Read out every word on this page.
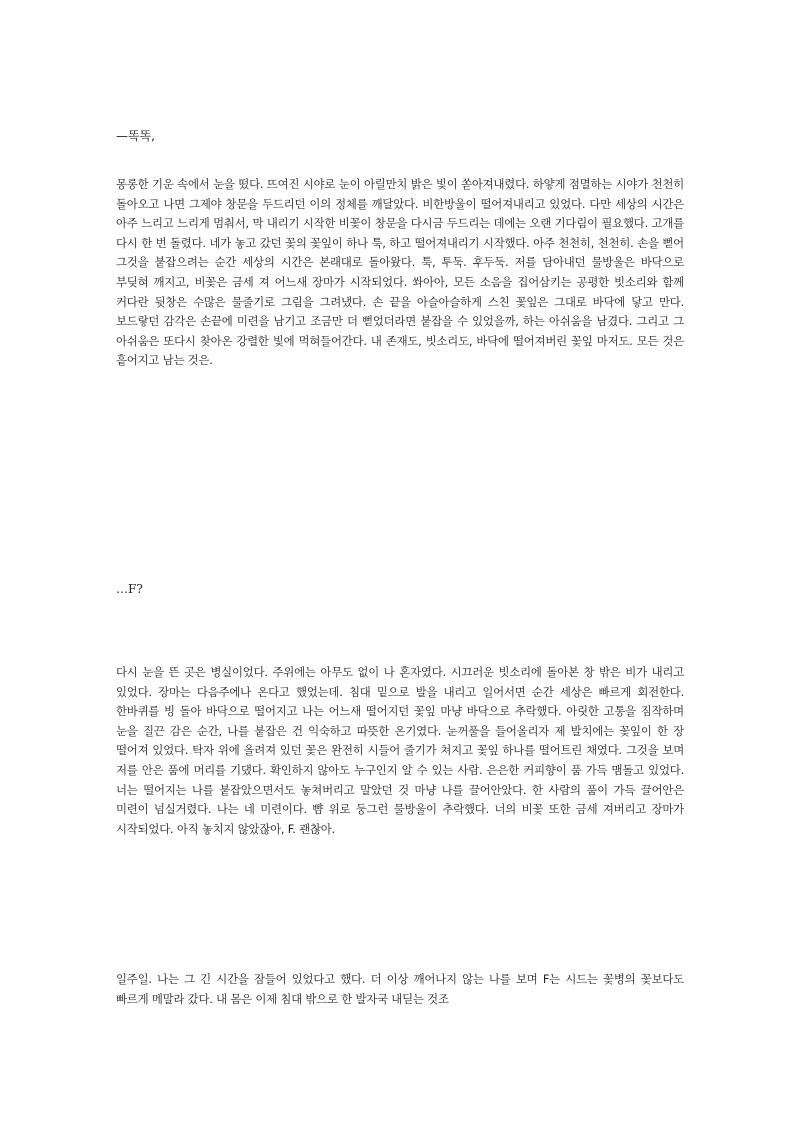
—똑똑,

몽롱한 기운 속에서 눈을 떴다. 뜨여진 시야로 눈이 아릴만치 밝은 빛이 쏟아져내렸다. 하얗게 점멸하는 시야가 천천히 돌아오고 나면 그제야 창문을 두드리던 이의 정체를 깨달았다. 비한방울이 떨어져내리고 있었다. 다만 세상의 시간은 아주 느리고 느리게 멈춰서, 막 내리기 시작한 비꽃이 창문을 다시금 두드리는 데에는 오랜 기다림이 필요했다. 고개를 다시 한 번 돌렸다. 네가 놓고 갔던 꽃의 꽃잎이 하나 툭, 하고 떨어져내리기 시작했다. 아주 천천히, 천천히. 손을 뻗어 그것을 붙잡으려는 순간 세상의 시간은 본래대로 돌아왔다. 툭, 투둑. 후두둑. 저를 담아내던 물방울은 바닥으로 부딪혀 깨지고, 비꽃은 금세 져 어느새 장마가 시작되었다. 쏴아아, 모든 소음을 집어삼키는 공평한 빗소리와 함께 커다란 뒷창은 수많은 물줄기로 그림을 그려냈다. 손 끝을 아슬아슬하게 스친 꽃잎은 그대로 바닥에 닿고 만다. 보드랗던 감각은 손끝에 미련을 남기고 조금만 더 뻗었더라면 붙잡을 수 있었을까, 하는 아쉬움을 남겼다. 그리고 그 아쉬움은 또다시 찾아온 강렬한 빛에 먹혀들어간다. 내 존재도, 빗소리도, 바닥에 떨어져버린 꽃잎 마저도. 모든 것은 흩어지고 남는 것은.

…F?

다시 눈을 뜬 곳은 병실이었다. 주위에는 아무도 없이 나 혼자였다. 시끄러운 빗소리에 돌아본 창 밖은 비가 내리고 있었다. 장마는 다음주에나 온다고 했었는데. 침대 밑으로 발을 내리고 일어서면 순간 세상은 빠르게 회전한다. 한바퀴를 빙 돌아 바닥으로 떨어지고 나는 어느새 떨어지던 꽃잎 마냥 바닥으로 추락했다. 아릿한 고통을 짐작하며 눈을 질끈 감은 순간, 나를 붙잡은 건 익숙하고 따뜻한 온기였다. 눈꺼풀을 들어올리자 제 발치에는 꽃잎이 한 장 떨어져 있었다. 탁자 위에 올려져 있던 꽃은 완전히 시들어 줄기가 쳐지고 꽃잎 하나를 떨어트린 채였다. 그것을 보며 저를 안은 품에 머리를 기댔다. 확인하지 않아도 누구인지 알 수 있는 사람. 은은한 커피향이 품 가득 맴돌고 있었다. 너는 떨어지는 나를 붙잡았으면서도 놓쳐버리고 말았던 것 마냥 나를 끌어안았다. 한 사람의 품이 가득 끌어안은 미련이 넘실거렸다. 나는 네 미련이다. 뺨 위로 둥그런 물방울이 추락했다. 너의 비꽃 또한 금세 져버리고 장마가 시작되었다. 아직 놓치지 않았잖아, F. 괜찮아.

일주일. 나는 그 긴 시간을 잠들어 있었다고 했다. 더 이상 깨어나지 않는 나를 보며 F는 시드는 꽃병의 꽃보다도 빠르게 메말라 갔다. 내 몸은 이제 침대 밖으로 한 발자국 내딛는 것조
